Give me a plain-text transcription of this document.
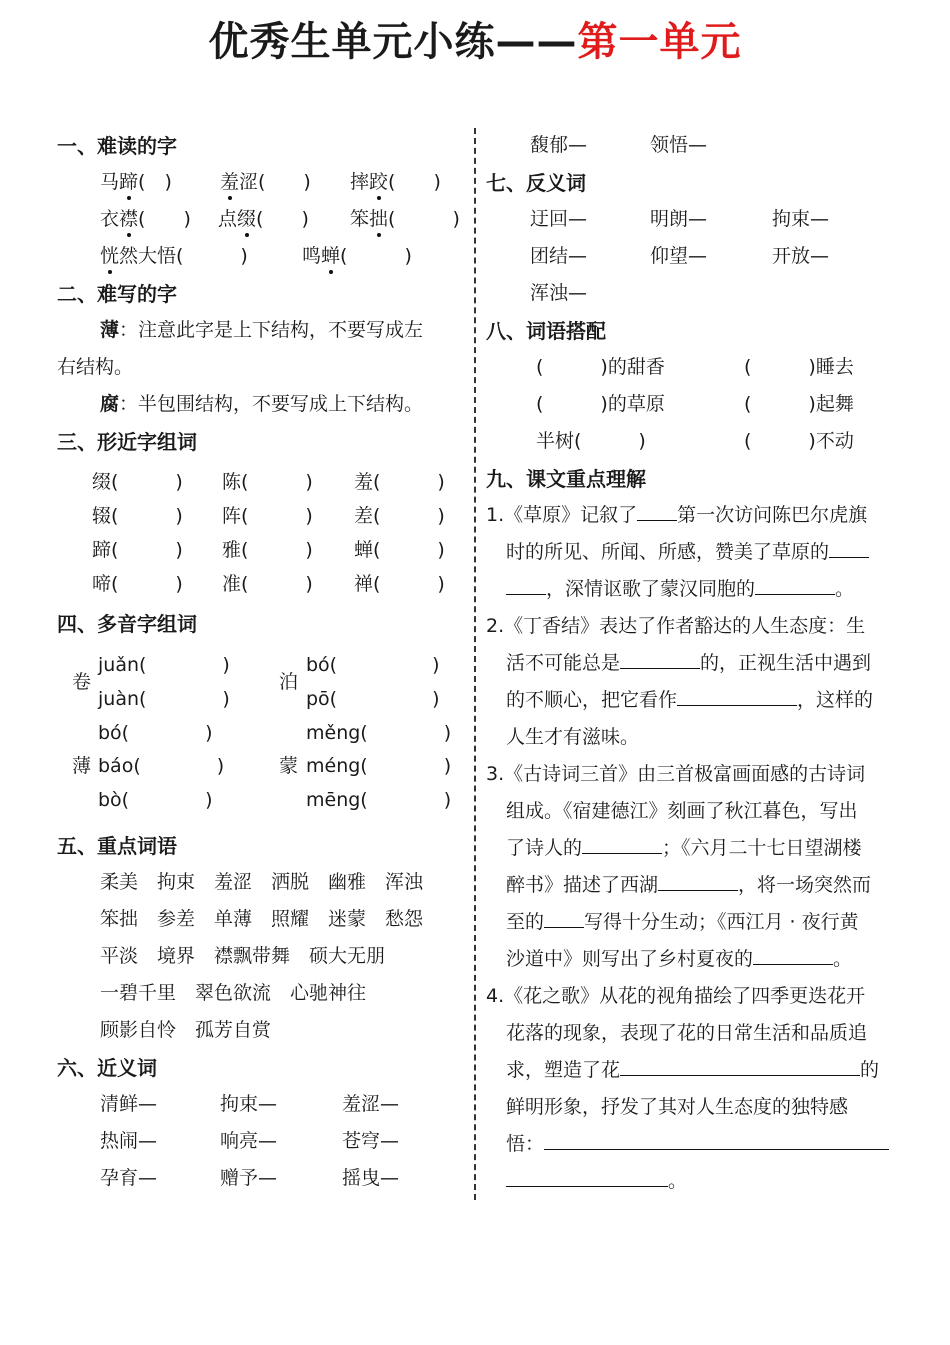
优秀生单元小练——第一单元
一、难读的字
马蹄(　)	羞涩(　　) 摔跤(　　)
衣襟(　　) 点缀(　　) 笨拙(　　　)
恍然大悟(　　　)	鸣蝉(　　　)
二、难写的字
薄：注意此字是上下结构，不要写成左
右结构。
腐：半包围结构，不要写成上下结构。
三、形近字组词
缀(　　　) 陈(　　　) 羞(　　　)
辍(　　　) 阵(　　　) 差(　　　)
蹄(　　　) 雅(　　　) 蝉(　　　)
啼(　　　) 准(　　　) 禅(　　　)
四、多音字组词
卷
juǎn(　　　　)
juàn(　　　　)
泊
bó(　　　　　)
pō(　　　　　)
薄
bó(　　　　)
báo(　　　　)
bò(　　　　)
蒙
měng(　　　　)
méng(　　　　)
mēng(　　　　)
五、重点词语
柔美　拘束　羞涩　洒脱　幽雅　浑浊
笨拙　参差　单薄　照耀　迷蒙　愁怨
平淡　境界　襟飘带舞　硕大无朋
一碧千里　翠色欲流　心驰神往
顾影自怜　孤芳自赏
六、近义词
清鲜—	拘束—	羞涩—
热闹—	响亮—	苍穹—
孕育—	赠予—	摇曳—
馥郁—	领悟—
七、反义词
迂回—	明朗—	拘束—
团结—	仰望—	开放—
浑浊—
八、词语搭配
(　　　)的甜香	(　　　)睡去
(　　　)的草原	(　　　)起舞
半树(　　　)	(　　　)不动
九、课文重点理解
1.《草原》记叙了 第一次访问陈巴尔虎旗
时的所见、所闻、所感，赞美了草原的
，深情讴歌了蒙汉同胞的	。
2.《丁香结》表达了作者豁达的人生态度：生
活不可能总是	的，正视生活中遇到
的不顺心，把它看作	，这样的
人生才有滋味。
3.《古诗词三首》由三首极富画面感的古诗词
组成。《宿建德江》刻画了秋江暮色，写出
了诗人的	；《六月二十七日望湖楼
醉书》描述了西湖	，将一场突然而
至的 写得十分生动；《西江月 · 夜行黄
沙道中》则写出了乡村夏夜的	。
4.《花之歌》从花的视角描绘了四季更迭花开
花落的现象，表现了花的日常生活和品质追
求，塑造了花	的
鲜明形象，抒发了其对人生态度的独特感
悟：
。
